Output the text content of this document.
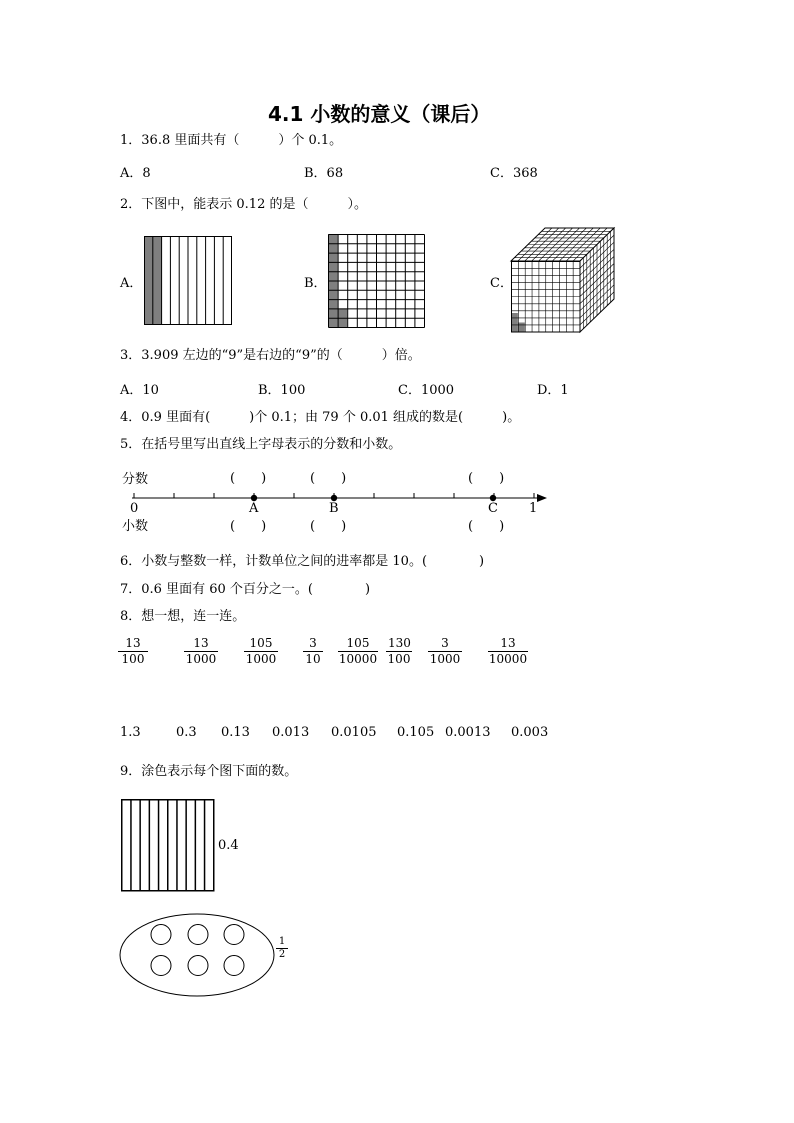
4.1 小数的意义（课后）
1．36.8 里面共有（　　　）个 0.1。
A．8	B．68	C．368
2．下图中，能表示 0.12 的是（　　　）。
A．	B．	C．
3．3.909 左边的“9”是右边的“9”的（　　　）倍。
A．10	B．100	C．1000	D．1
4．0.9 里面有(　　　)个 0.1；由 79 个 0.01 组成的数是(　　　)。
5．在括号里写出直线上字母表示的分数和小数。
分数	(　　)	(　　)	(　　)
0	A	B	C 1
小数	(　　)	(　　)	(　　)
6．小数与整数一样，计数单位之间的进率都是 10。(　　　　)
7．0.6 里面有 60 个百分之一。(　　　　)
8．想一想，连一连。
$\frac{13}{100}$	$\frac{13}{1000} \frac{105}{1000} \frac{3}{10} \frac{105}{10000} \frac{130}{100} \frac{3}{1000} \frac{13}{10000}$
1.3	0.3 0.13 0.013 0.0105 0.105 0.0013 0.003
9．涂色表示每个图下面的数。
0.4
$\frac{1}{2}$
